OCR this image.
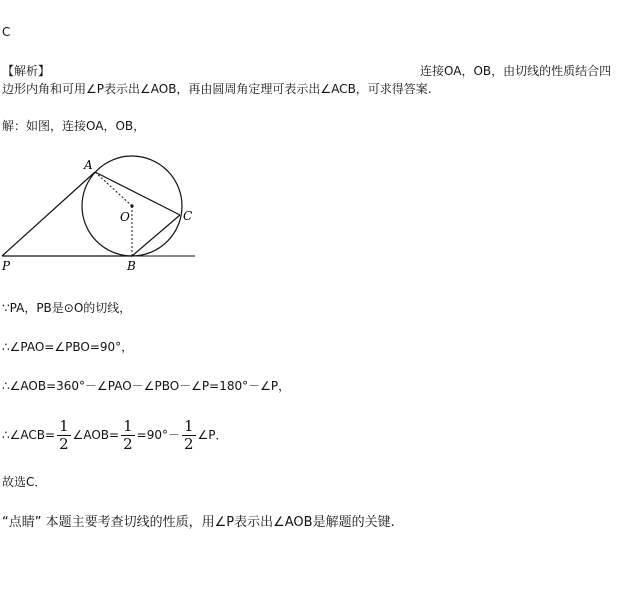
C
【解析】	连接OA，OB，由切线的性质结合四
边形内角和可用∠P表示出∠AOB，再由圆周角定理可表示出∠ACB，可求得答案.
解：如图，连接OA，OB，
A
O	C
P	B
∵PA，PB是⊙O的切线，
∴∠PAO=∠PBO=90°，
∴∠AOB=360°－∠PAO－∠PBO－∠P=180°－∠P，
∴∠ACB= $\frac{1}{2}$ ∠AOB= $\frac{1}{2} =90^\circ- \frac{1}{2}$ ∠P．
故选C．
“点睛” 本题主要考查切线的性质，用∠P表示出∠AOB是解题的关键.
